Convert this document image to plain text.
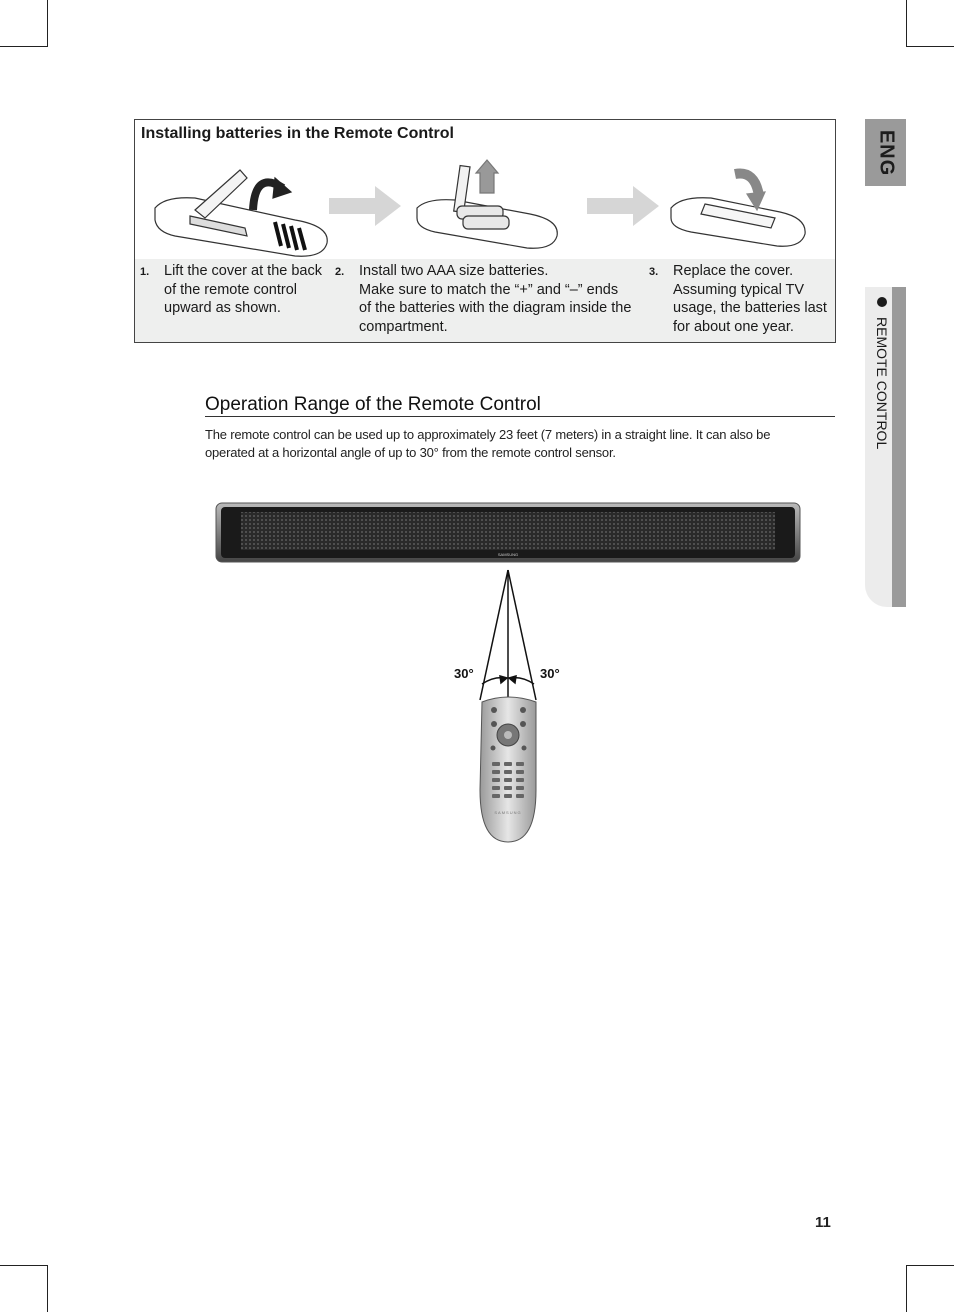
ENG
REMOTE CONTROL
Installing batteries in the Remote Control
1. Lift the cover at the back
of the remote control
upward as shown.
2. Install two AAA size batteries.
Make sure to match the “+” and “–” ends
of the batteries with the diagram inside the
compartment.
3. Replace the cover.
Assuming typical TV
usage, the batteries last
for about one year.
Operation Range of the Remote Control
The remote control can be used up to approximately 23 feet (7 meters) in a straight line. It can also be
operated at a horizontal angle of up to 30° from the remote control sensor.
SAMSUNG
30°	30°
SAMSUNG
11
